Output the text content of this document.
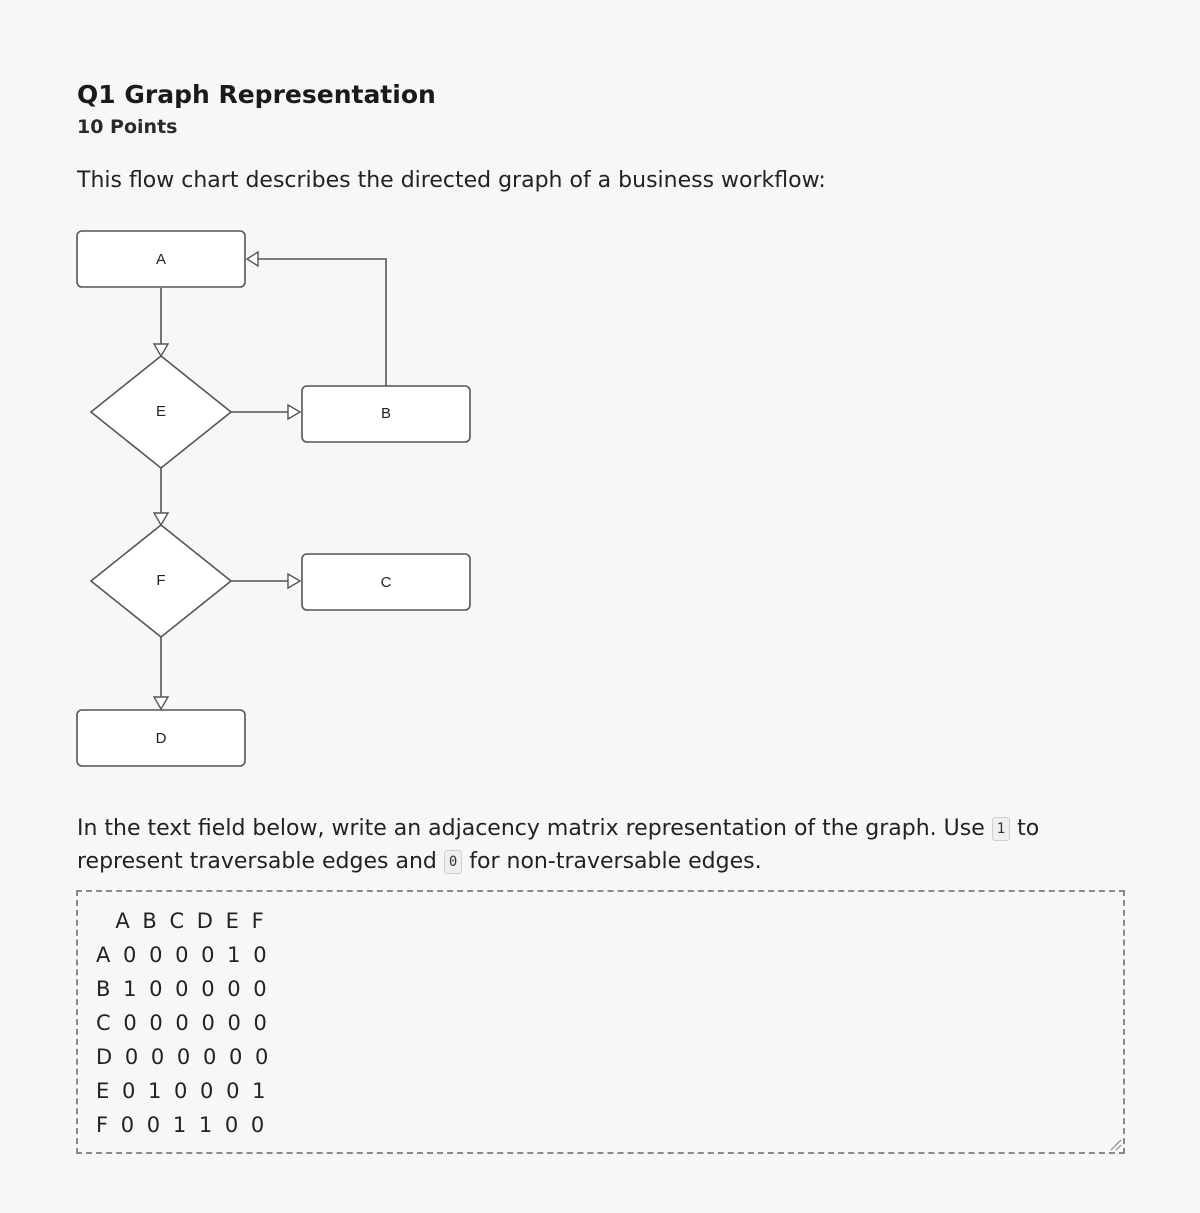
Q1 Graph Representation
10 Points
This flow chart describes the directed graph of a business workflow:
A
E	B
F	C
D
In the text field below, write an adjacency matrix representation of the graph. Use 1 to represent traversable edges and 0 for non-traversable edges.
A B C D E F
A 0 0 0 0 1 0
B 1 0 0 0 0 0
C 0 0 0 0 0 0
D 0 0 0 0 0 0
E 0 1 0 0 0 1
F 0 0 1 1 0 0
